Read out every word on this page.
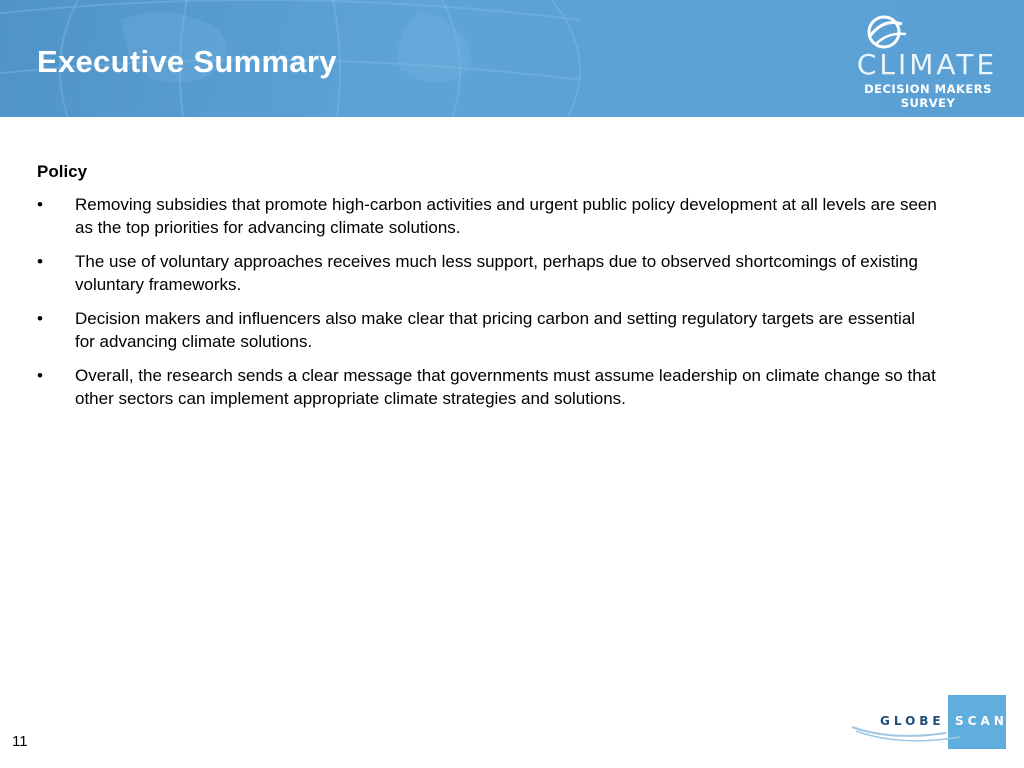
Executive Summary	CLIMATE
DECISION MAKERS SURVEY
Policy
• Removing subsidies that promote high-carbon activities and urgent public policy development at all levels are seen as the top priorities for advancing climate solutions.
• The use of voluntary approaches receives much less support, perhaps due to observed shortcomings of existing voluntary frameworks.
• Decision makers and influencers also make clear that pricing carbon and setting regulatory targets are essential for advancing climate solutions.
• Overall, the research sends a clear message that governments must assume leadership on climate change so that other sectors can implement appropriate climate strategies and solutions.
11
GLOBE SCAN
